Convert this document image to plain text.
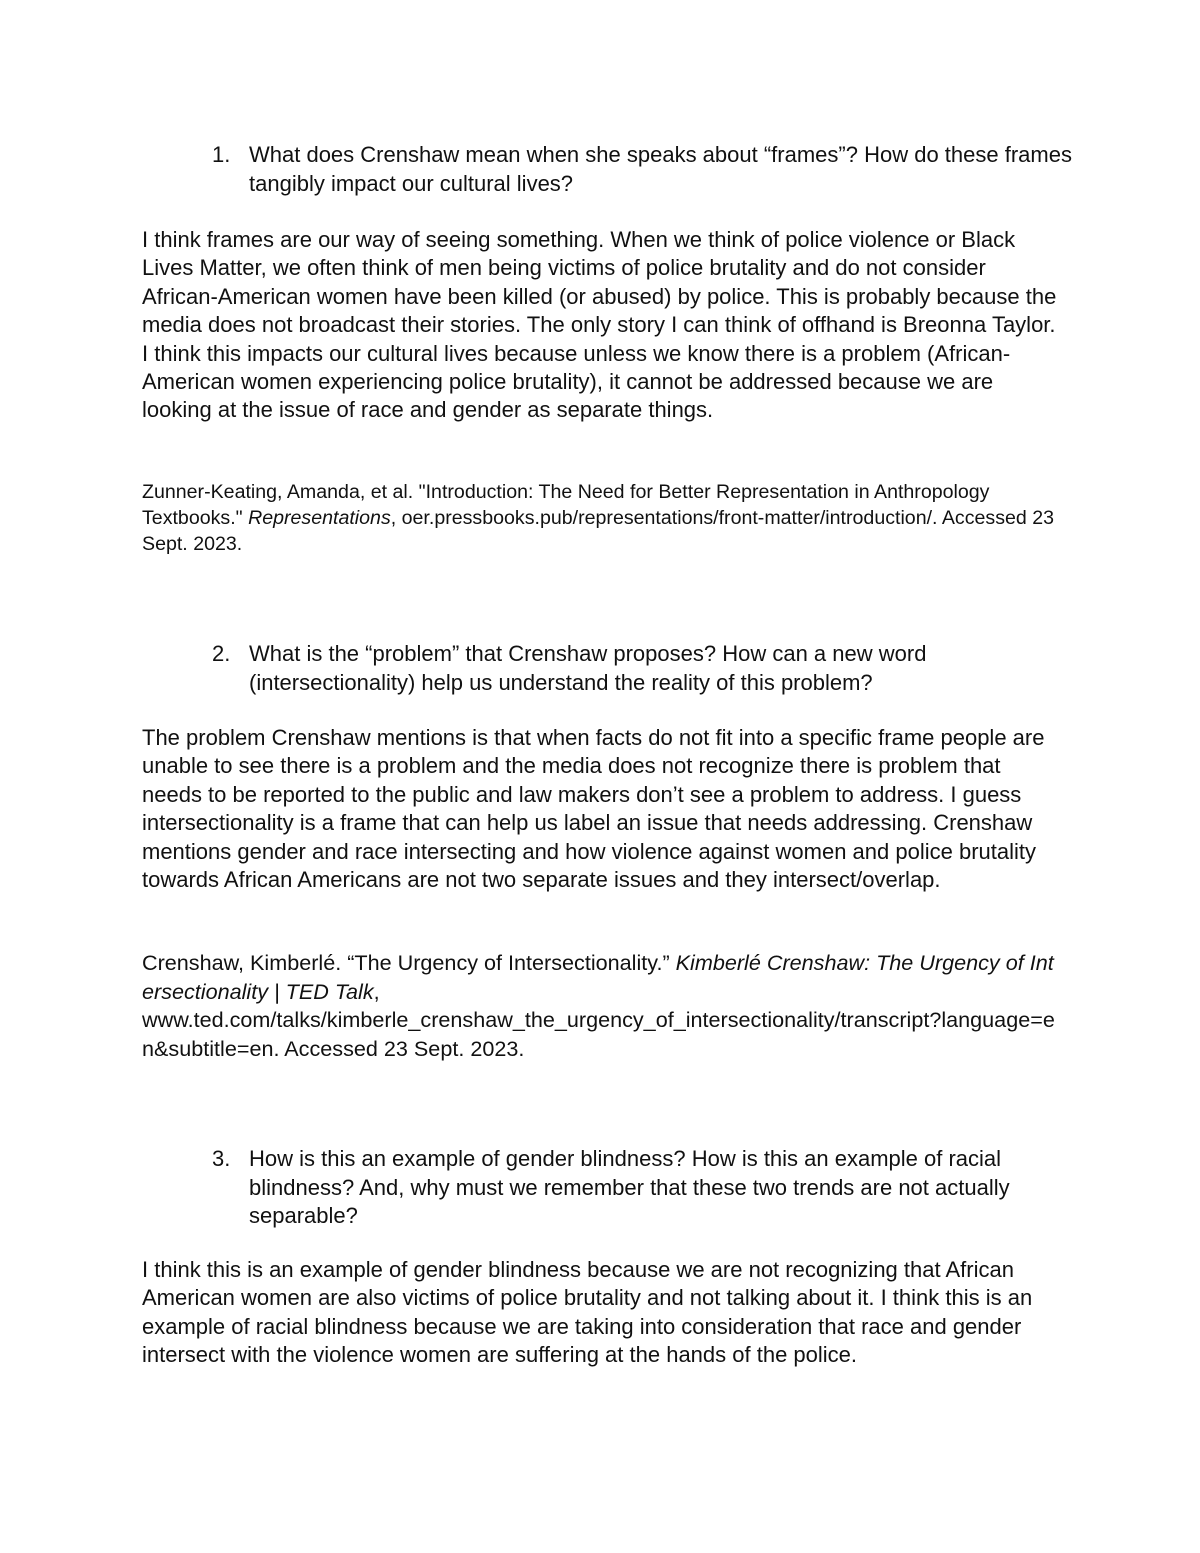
1. What does Crenshaw mean when she speaks about “frames”? How do these frames tangibly impact our cultural lives?

I think frames are our way of seeing something. When we think of police violence or Black Lives Matter, we often think of men being victims of police brutality and do not consider African-American women have been killed (or abused) by police. This is probably because the media does not broadcast their stories. The only story I can think of offhand is Breonna Taylor. I think this impacts our cultural lives because unless we know there is a problem (African-American women experiencing police brutality), it cannot be addressed because we are looking at the issue of race and gender as separate things.

Zunner-Keating, Amanda, et al. "Introduction: The Need for Better Representation in Anthropology Textbooks." Representations, oer.pressbooks.pub/representations/front-matter/introduction/. Accessed 23 Sept. 2023.

2. What is the “problem” that Crenshaw proposes? How can a new word (intersectionality) help us understand the reality of this problem?

The problem Crenshaw mentions is that when facts do not fit into a specific frame people are unable to see there is a problem and the media does not recognize there is problem that needs to be reported to the public and law makers don’t see a problem to address. I guess intersectionality is a frame that can help us label an issue that needs addressing. Crenshaw mentions gender and race intersecting and how violence against women and police brutality towards African Americans are not two separate issues and they intersect/overlap.

Crenshaw, Kimberlé. “The Urgency of Intersectionality.” Kimberlé Crenshaw: The Urgency of Intersectionality | TED Talk,
www.ted.com/talks/kimberle_crenshaw_the_urgency_of_intersectionality/transcript?language=en&subtitle=en. Accessed 23 Sept. 2023.

3. How is this an example of gender blindness? How is this an example of racial blindness? And, why must we remember that these two trends are not actually separable?

I think this is an example of gender blindness because we are not recognizing that African American women are also victims of police brutality and not talking about it. I think this is an example of racial blindness because we are taking into consideration that race and gender intersect with the violence women are suffering at the hands of the police.
